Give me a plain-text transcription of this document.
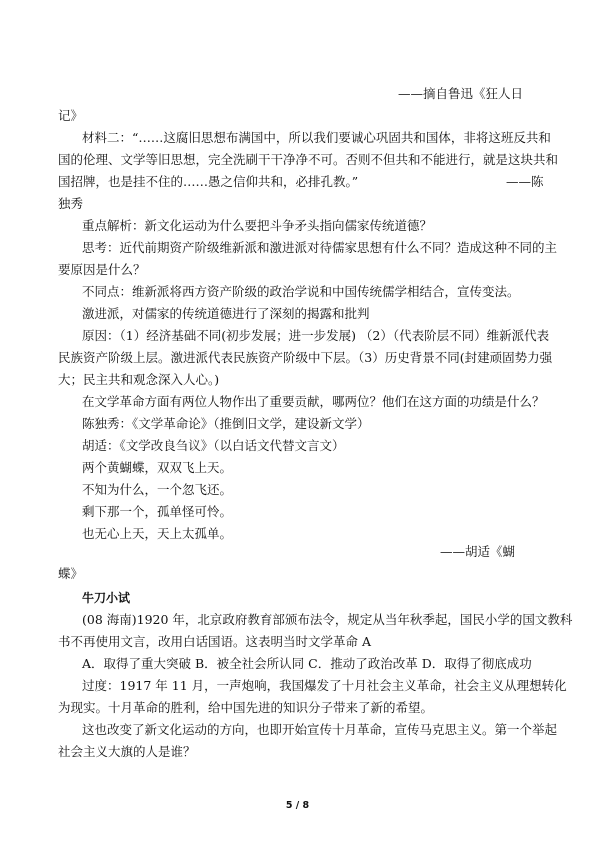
——摘自鲁迅《狂人日
记》
材料二：“……这腐旧思想布满国中，所以我们要诚心巩固共和国体，非将这班反共和
国的伦理、文学等旧思想，完全洗刷干干净净不可。否则不但共和不能进行，就是这块共和
国招牌，也是挂不住的……愚之信仰共和，必排孔教。”	——陈
独秀
重点解析：新文化运动为什么要把斗争矛头指向儒家传统道德？
思考：近代前期资产阶级维新派和激进派对待儒家思想有什么不同？造成这种不同的主
要原因是什么？
不同点：维新派将西方资产阶级的政治学说和中国传统儒学相结合，宣传变法。
激进派，对儒家的传统道德进行了深刻的揭露和批判
原因：（1）经济基础不同(初步发展；进一步发展) （2）（代表阶层不同）维新派代表
民族资产阶级上层。激进派代表民族资产阶级中下层。（3）历史背景不同(封建顽固势力强
大；民主共和观念深入人心。)
在文学革命方面有两位人物作出了重要贡献，哪两位？他们在这方面的功绩是什么？
陈独秀：《文学革命论》（推倒旧文学，建设新文学）
胡适：《文学改良刍议》（以白话文代替文言文）
两个黄蝴蝶，双双飞上天。
不知为什么，一个忽飞还。
剩下那一个，孤单怪可怜。
也无心上天，天上太孤单。
——胡适《蝴
蝶》
牛刀小试
(08 海南)1920 年，北京政府教育部颁布法令，规定从当年秋季起，国民小学的国文教科
书不再使用文言，改用白话国语。这表明当时文学革命 A
A．取得了重大突破 B．被全社会所认同 C．推动了政治改革 D．取得了彻底成功
过度：1917 年 11 月，一声炮响，我国爆发了十月社会主义革命，社会主义从理想转化
为现实。十月革命的胜利，给中国先进的知识分子带来了新的希望。
这也改变了新文化运动的方向，也即开始宣传十月革命，宣传马克思主义。第一个举起
社会主义大旗的人是谁？
5 / 8
